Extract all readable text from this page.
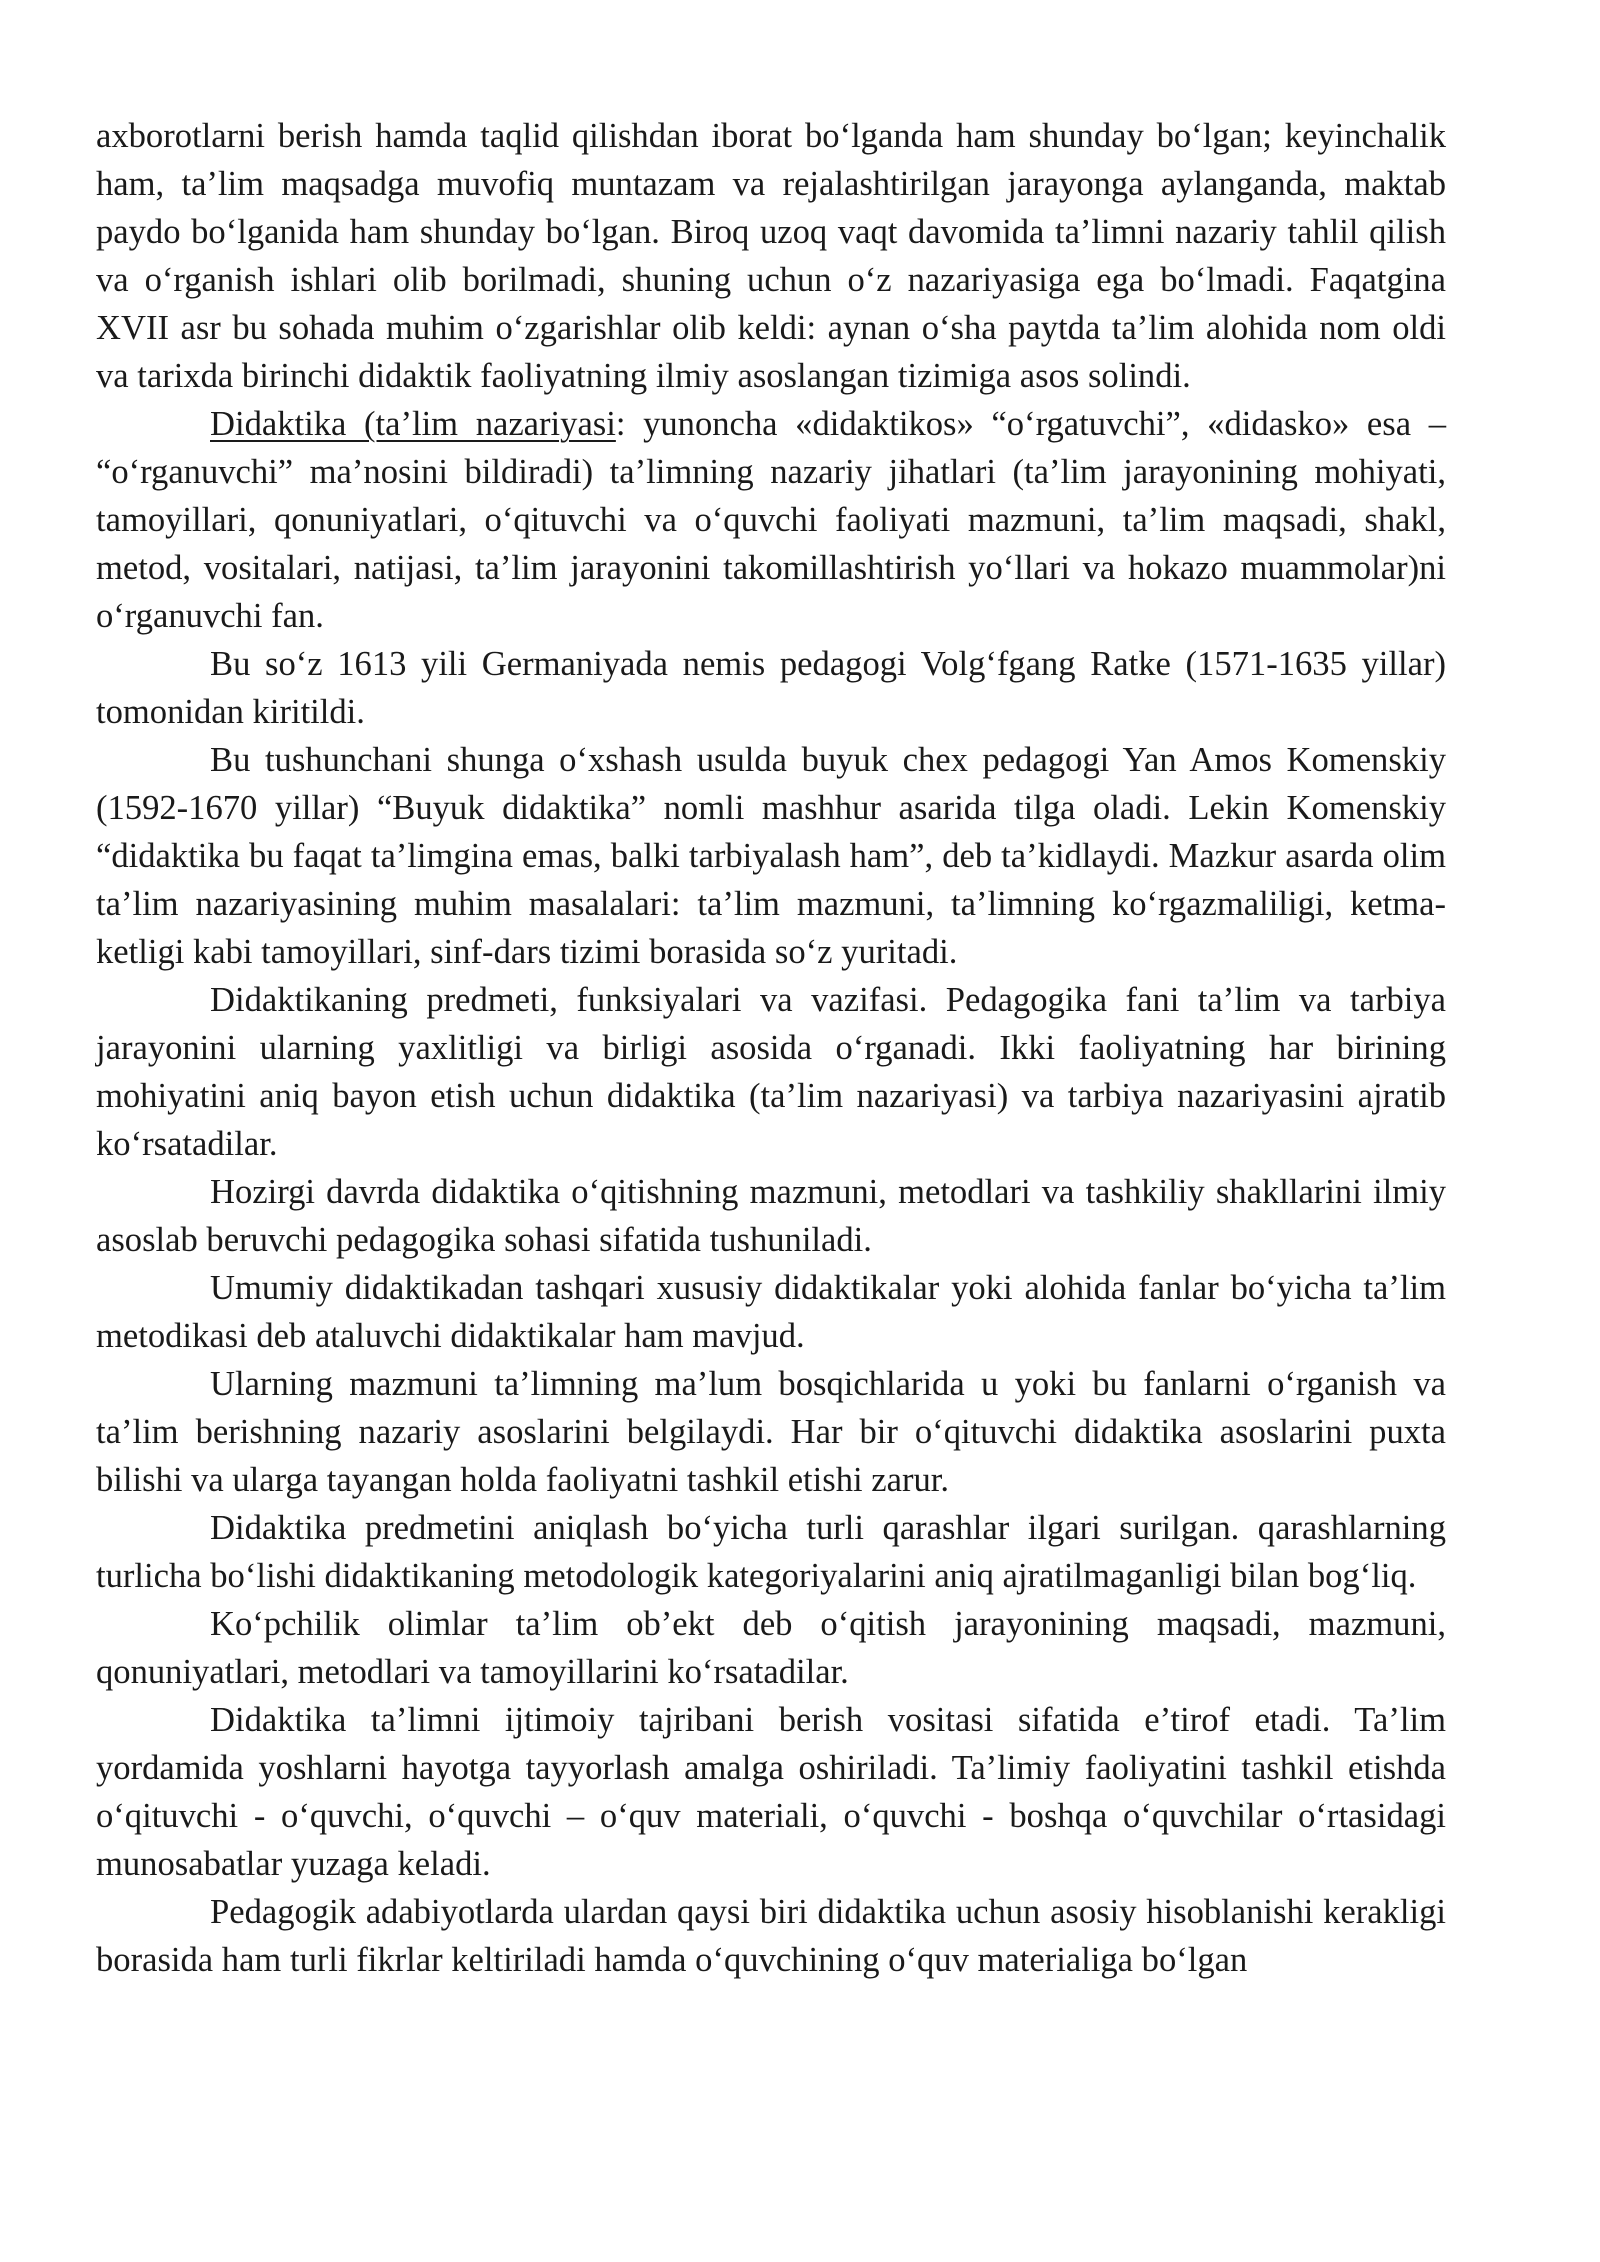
axborotlarni berish hamda taqlid qilishdan iborat bo‘lganda ham shunday bo‘lgan; keyinchalik ham, ta’lim maqsadga muvofiq muntazam va rejalashtirilgan jarayonga aylanganda, maktab paydo bo‘lganida ham shunday bo‘lgan. Biroq uzoq vaqt davomida ta’limni nazariy tahlil qilish va o‘rganish ishlari olib borilmadi, shuning uchun o‘z nazariyasiga ega bo‘lmadi. Faqatgina XVII asr bu sohada muhim o‘zgarishlar olib keldi: aynan o‘sha paytda ta’lim alohida nom oldi va tarixda birinchi didaktik faoliyatning ilmiy asoslangan tizimiga asos solindi.

Didaktika (ta’lim nazariyasi: yunoncha «didaktikos» “o‘rgatuvchi”, «didasko» esa – “o‘rganuvchi” ma’nosini bildiradi) ta’limning nazariy jihatlari (ta’lim jarayonining mohiyati, tamoyillari, qonuniyatlari, o‘qituvchi va o‘quvchi faoliyati mazmuni, ta’lim maqsadi, shakl, metod, vositalari, natijasi, ta’lim jarayonini takomillashtirish yo‘llari va hokazo muammolar)ni o‘rganuvchi fan.

Bu so‘z 1613 yili Germaniyada nemis pedagogi Volg‘fgang Ratke (1571-1635 yillar) tomonidan kiritildi.

Bu tushunchani shunga o‘xshash usulda buyuk chex pedagogi Yan Amos Komenskiy (1592-1670 yillar) “Buyuk didaktika” nomli mashhur asarida tilga oladi. Lekin Komenskiy “didaktika bu faqat ta’limgina emas, balki tarbiyalash ham”, deb ta’kidlaydi. Mazkur asarda olim ta’lim nazariyasining muhim masalalari: ta’lim mazmuni, ta’limning ko‘rgazmaliligi, ketma-ketligi kabi tamoyillari, sinf-dars tizimi borasida so‘z yuritadi.

Didaktikaning predmeti, funksiyalari va vazifasi. Pedagogika fani ta’lim va tarbiya jarayonini ularning yaxlitligi va birligi asosida o‘rganadi. Ikki faoliyatning har birining mohiyatini aniq bayon etish uchun didaktika (ta’lim nazariyasi) va tarbiya nazariyasini ajratib ko‘rsatadilar.

Hozirgi davrda didaktika o‘qitishning mazmuni, metodlari va tashkiliy shakllarini ilmiy asoslab beruvchi pedagogika sohasi sifatida tushuniladi.

Umumiy didaktikadan tashqari xususiy didaktikalar yoki alohida fanlar bo‘yicha ta’lim metodikasi deb ataluvchi didaktikalar ham mavjud.

Ularning mazmuni ta’limning ma’lum bosqichlarida u yoki bu fanlarni o‘rganish va ta’lim berishning nazariy asoslarini belgilaydi. Har bir o‘qituvchi didaktika asoslarini puxta bilishi va ularga tayangan holda faoliyatni tashkil etishi zarur.

Didaktika predmetini aniqlash bo‘yicha turli qarashlar ilgari surilgan. qarashlarning turlicha bo‘lishi didaktikaning metodologik kategoriyalarini aniq ajratilmaganligi bilan bog‘liq.

Ko‘pchilik olimlar ta’lim ob’ekt deb o‘qitish jarayonining maqsadi, mazmuni, qonuniyatlari, metodlari va tamoyillarini ko‘rsatadilar.

Didaktika ta’limni ijtimoiy tajribani berish vositasi sifatida e’tirof etadi. Ta’lim yordamida yoshlarni hayotga tayyorlash amalga oshiriladi. Ta’limiy faoliyatini tashkil etishda o‘qituvchi - o‘quvchi, o‘quvchi – o‘quv materiali, o‘quvchi - boshqa o‘quvchilar o‘rtasidagi munosabatlar yuzaga keladi.

Pedagogik adabiyotlarda ulardan qaysi biri didaktika uchun asosiy hisoblanishi kerakligi borasida ham turli fikrlar keltiriladi hamda o‘quvchining o‘quv materialiga bo‘lgan
